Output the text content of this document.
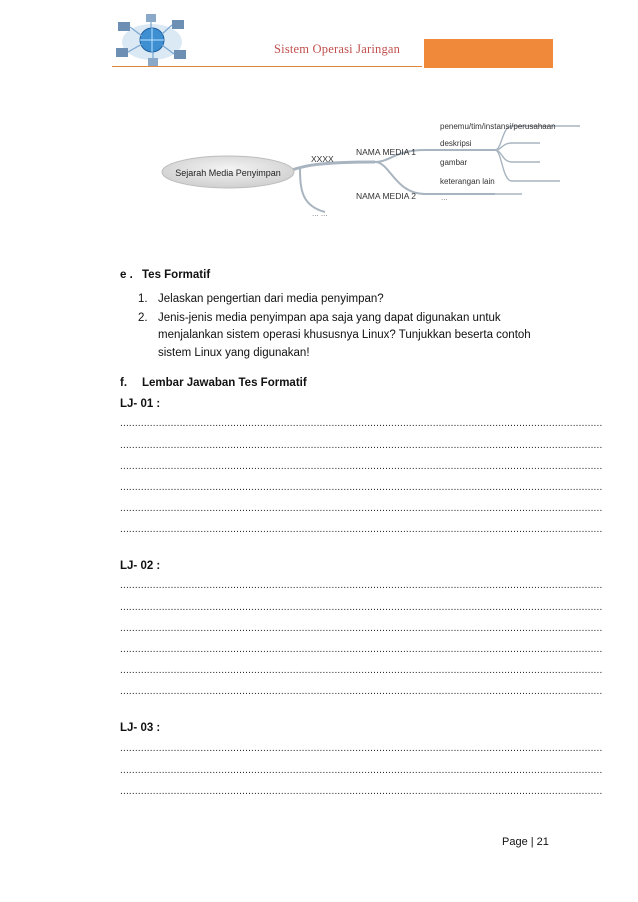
Sistem Operasi Jaringan
Sejarah Media Penyimpan
XXXX
... ...
NAMA MEDIA 1
NAMA MEDIA 2	...
penemu/tim/instansi/perusahaan
deskripsi
gambar
keterangan lain
e . Tes Formatif
1. Jelaskan pengertian dari media penyimpan?
2. Jenis-jenis media penyimpan apa saja yang dapat digunakan untuk menjalankan sistem operasi khususnya Linux? Tunjukkan beserta contoh sistem Linux yang digunakan!
f. Lembar Jawaban Tes Formatif
LJ- 01 :
..................................................................................................................................................................
..................................................................................................................................................................
..................................................................................................................................................................
..................................................................................................................................................................
..................................................................................................................................................................
..................................................................................................................................................................
LJ- 02 :
..................................................................................................................................................................
..................................................................................................................................................................
..................................................................................................................................................................
..................................................................................................................................................................
..................................................................................................................................................................
..................................................................................................................................................................
LJ- 03 :
..................................................................................................................................................................
..................................................................................................................................................................
..................................................................................................................................................................
Page | 21
